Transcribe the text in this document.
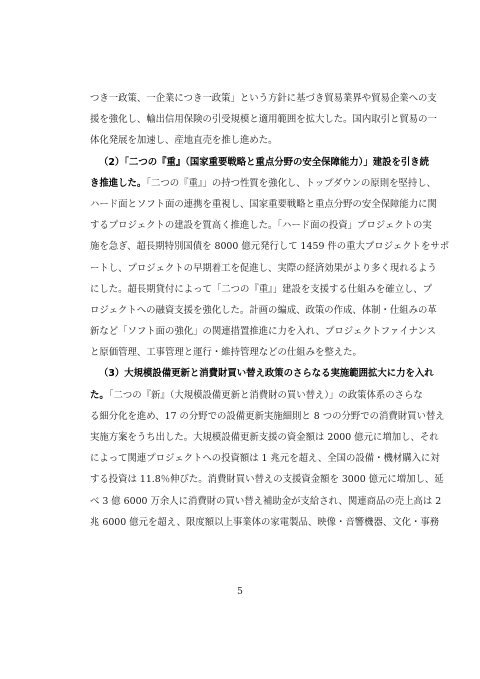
つき一政策、一企業につき一政策」という方針に基づき貿易業界や貿易企業への支
援を強化し、輸出信用保険の引受規模と適用範囲を拡大した。国内取引と貿易の一
体化発展を加速し、産地直売を推し進めた。
（2）「二つの『重』（国家重要戦略と重点分野の安全保障能力）」建設を引き続
き推進した。「二つの『重』」の持つ性質を強化し、トップダウンの原則を堅持し、
ハード面とソフト面の連携を重視し、国家重要戦略と重点分野の安全保障能力に関
するプロジェクトの建設を質高く推進した。「ハード面の投資」プロジェクトの実
施を急ぎ、超長期特別国債を 8000 億元発行して 1459 件の重大プロジェクトをサポ
ートし、プロジェクトの早期着工を促進し、実際の経済効果がより多く現れるよう
にした。超長期貸付によって「二つの『重』」建設を支援する仕組みを確立し、プ
ロジェクトへの融資支援を強化した。計画の編成、政策の作成、体制・仕組みの革
新など「ソフト面の強化」の関連措置推進に力を入れ、プロジェクトファイナンス
と原価管理、工事管理と運行・維持管理などの仕組みを整えた。
（3）大規模設備更新と消費財買い替え政策のさらなる実施範囲拡大に力を入れ
た。「二つの『新』（大規模設備更新と消費財の買い替え）」の政策体系のさらな
る細分化を進め、17 の分野での設備更新実施細則と 8 つの分野での消費財買い替え
実施方案をうち出した。大規模設備更新支援の資金額は 2000 億元に増加し、それ
によって関連プロジェクトへの投資額は 1 兆元を超え、全国の設備・機材購入に対
する投資は 11.8％伸びた。消費財買い替えの支援資金額を 3000 億元に増加し、延
べ 3 億 6000 万余人に消費財の買い替え補助金が支給され、関連商品の売上高は 2
兆 6000 億元を超え、限度額以上事業体の家電製品、映像・音響機器、文化・事務
5
